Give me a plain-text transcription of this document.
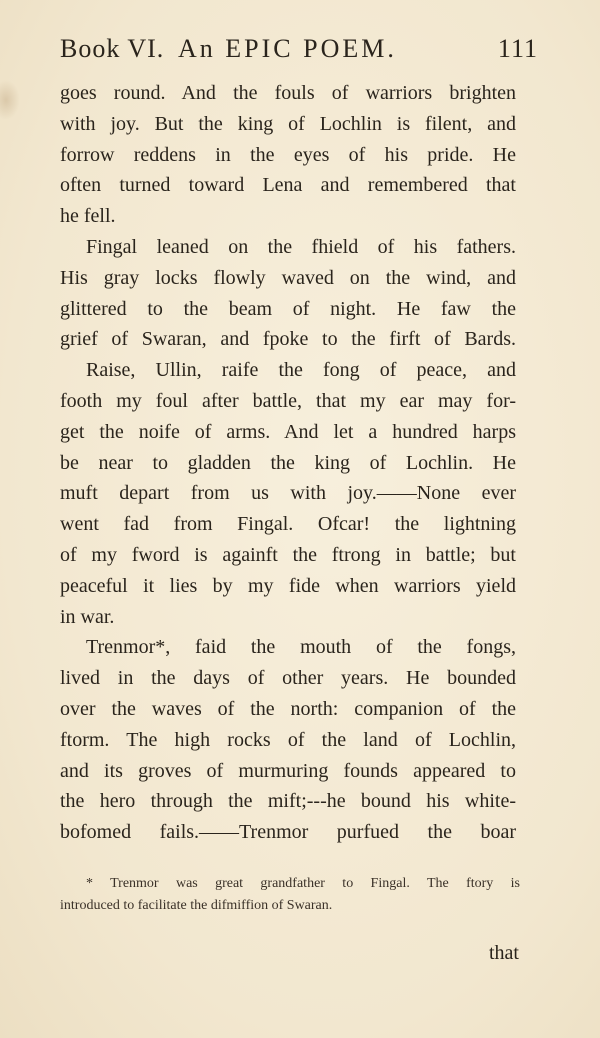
Book VI. An EPIC POEM.	111
goes round. And the fouls of warriors brighten
with joy. But the king of Lochlin is filent, and
forrow reddens in the eyes of his pride. He
often turned toward Lena and remembered that
he fell.
Fingal leaned on the fhield of his fathers.
His gray locks flowly waved on the wind, and
glittered to the beam of night. He faw the
grief of Swaran, and fpoke to the firft of Bards.
Raise, Ullin, raife the fong of peace, and
footh my foul after battle, that my ear may for-
get the noife of arms. And let a hundred harps
be near to gladden the king of Lochlin. He
muft depart from us with joy.——None ever
went fad from Fingal. Ofcar! the lightning
of my fword is againft the ftrong in battle; but
peaceful it lies by my fide when warriors yield
in war.
Trenmor*, faid the mouth of the fongs,
lived in the days of other years. He bounded
over the waves of the north: companion of the
ftorm. The high rocks of the land of Lochlin,
and its groves of murmuring founds appeared to
the hero through the mift;---he bound his white-
bofomed fails.——Trenmor purfued the boar
* Trenmor was great grandfather to Fingal. The ftory is
introduced to facilitate the difmiffion of Swaran.
that
